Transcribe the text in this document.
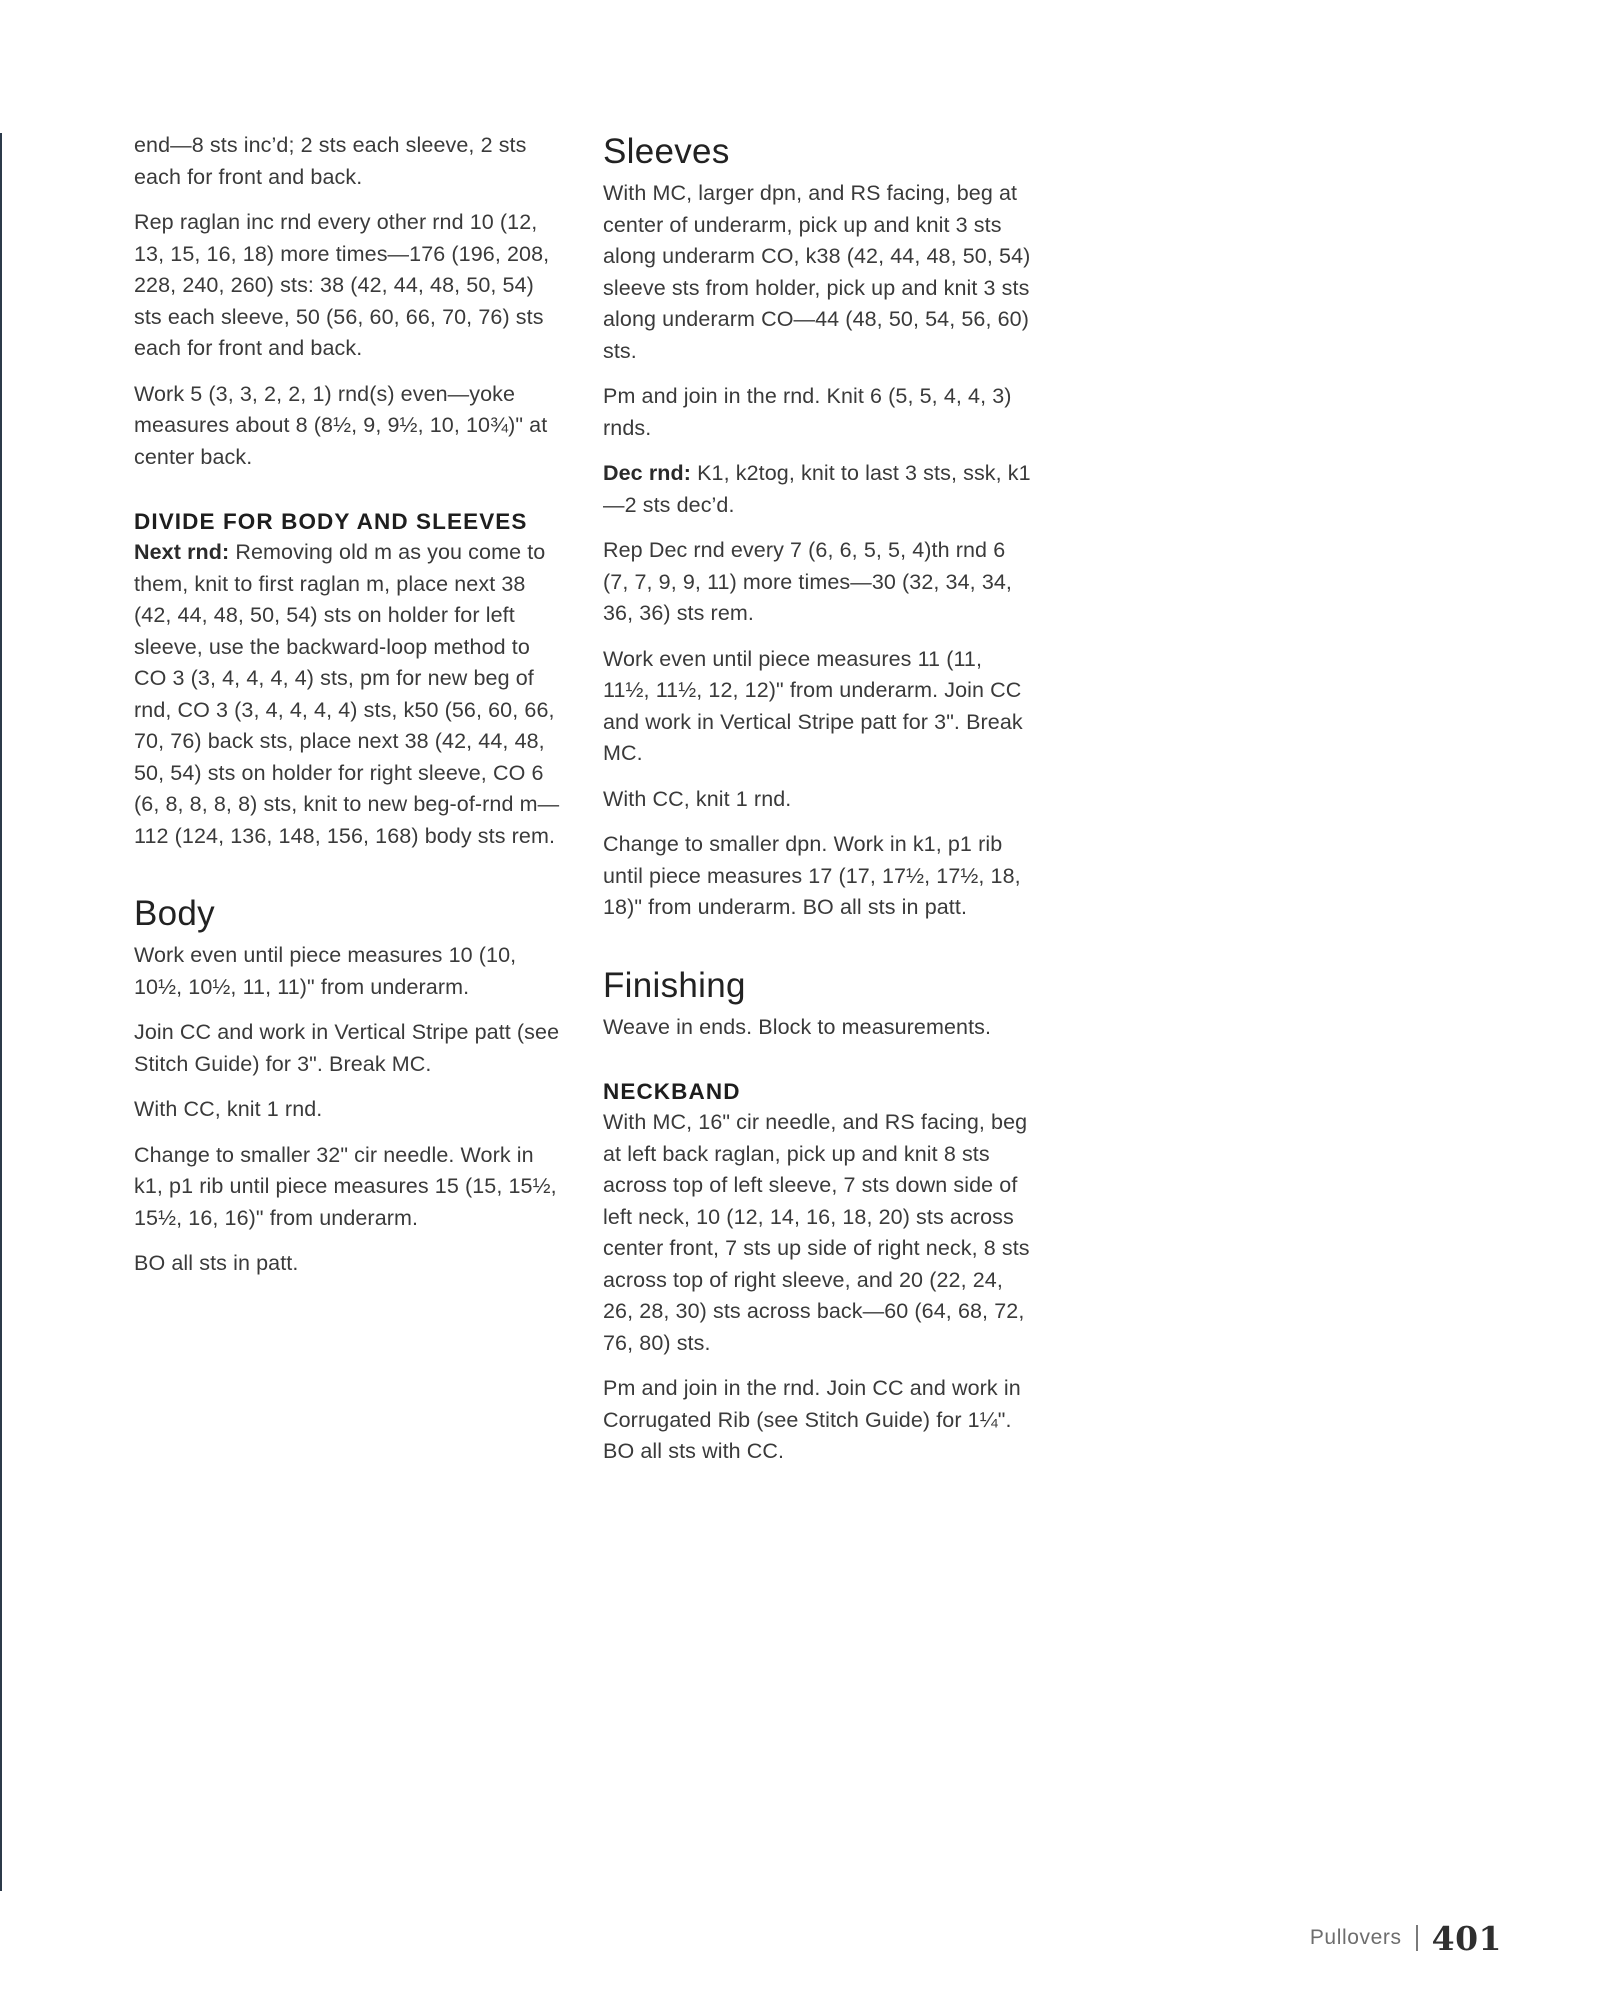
end—8 sts inc’d; 2 sts each sleeve, 2 sts each for front and back.

Rep raglan inc rnd every other rnd 10 (12, 13, 15, 16, 18) more times—176 (196, 208, 228, 240, 260) sts: 38 (42, 44, 48, 50, 54) sts each sleeve, 50 (56, 60, 66, 70, 76) sts each for front and back.

Work 5 (3, 3, 2, 2, 1) rnd(s) even—yoke measures about 8 (8½, 9, 9½, 10, 10¾)" at center back.

DIVIDE FOR BODY AND SLEEVES

Next rnd: Removing old m as you come to them, knit to first raglan m, place next 38 (42, 44, 48, 50, 54) sts on holder for left sleeve, use the backward-loop method to CO 3 (3, 4, 4, 4, 4) sts, pm for new beg of rnd, CO 3 (3, 4, 4, 4, 4) sts, k50 (56, 60, 66, 70, 76) back sts, place next 38 (42, 44, 48, 50, 54) sts on holder for right sleeve, CO 6 (6, 8, 8, 8, 8) sts, knit to new beg-of-rnd m—112 (124, 136, 148, 156, 168) body sts rem.

Body

Work even until piece measures 10 (10, 10½, 10½, 11, 11)" from underarm.

Join CC and work in Vertical Stripe patt (see Stitch Guide) for 3". Break MC.

With CC, knit 1 rnd.

Change to smaller 32" cir needle. Work in k1, p1 rib until piece measures 15 (15, 15½, 15½, 16, 16)" from underarm.

BO all sts in patt.

Sleeves

With MC, larger dpn, and RS facing, beg at center of underarm, pick up and knit 3 sts along underarm CO, k38 (42, 44, 48, 50, 54) sleeve sts from holder, pick up and knit 3 sts along underarm CO—44 (48, 50, 54, 56, 60) sts.

Pm and join in the rnd. Knit 6 (5, 5, 4, 4, 3) rnds.

Dec rnd: K1, k2tog, knit to last 3 sts, ssk, k1—2 sts dec’d.

Rep Dec rnd every 7 (6, 6, 5, 5, 4)th rnd 6 (7, 7, 9, 9, 11) more times—30 (32, 34, 34, 36, 36) sts rem.

Work even until piece measures 11 (11, 11½, 11½, 12, 12)" from underarm. Join CC and work in Vertical Stripe patt for 3". Break MC.

With CC, knit 1 rnd.

Change to smaller dpn. Work in k1, p1 rib until piece measures 17 (17, 17½, 17½, 18, 18)" from underarm. BO all sts in patt.

Finishing

Weave in ends. Block to measurements.

NECKBAND

With MC, 16" cir needle, and RS facing, beg at left back raglan, pick up and knit 8 sts across top of left sleeve, 7 sts down side of left neck, 10 (12, 14, 16, 18, 20) sts across center front, 7 sts up side of right neck, 8 sts across top of right sleeve, and 20 (22, 24, 26, 28, 30) sts across back—60 (64, 68, 72, 76, 80) sts.

Pm and join in the rnd. Join CC and work in Corrugated Rib (see Stitch Guide) for 1¼". BO all sts with CC.

Pullovers 401
